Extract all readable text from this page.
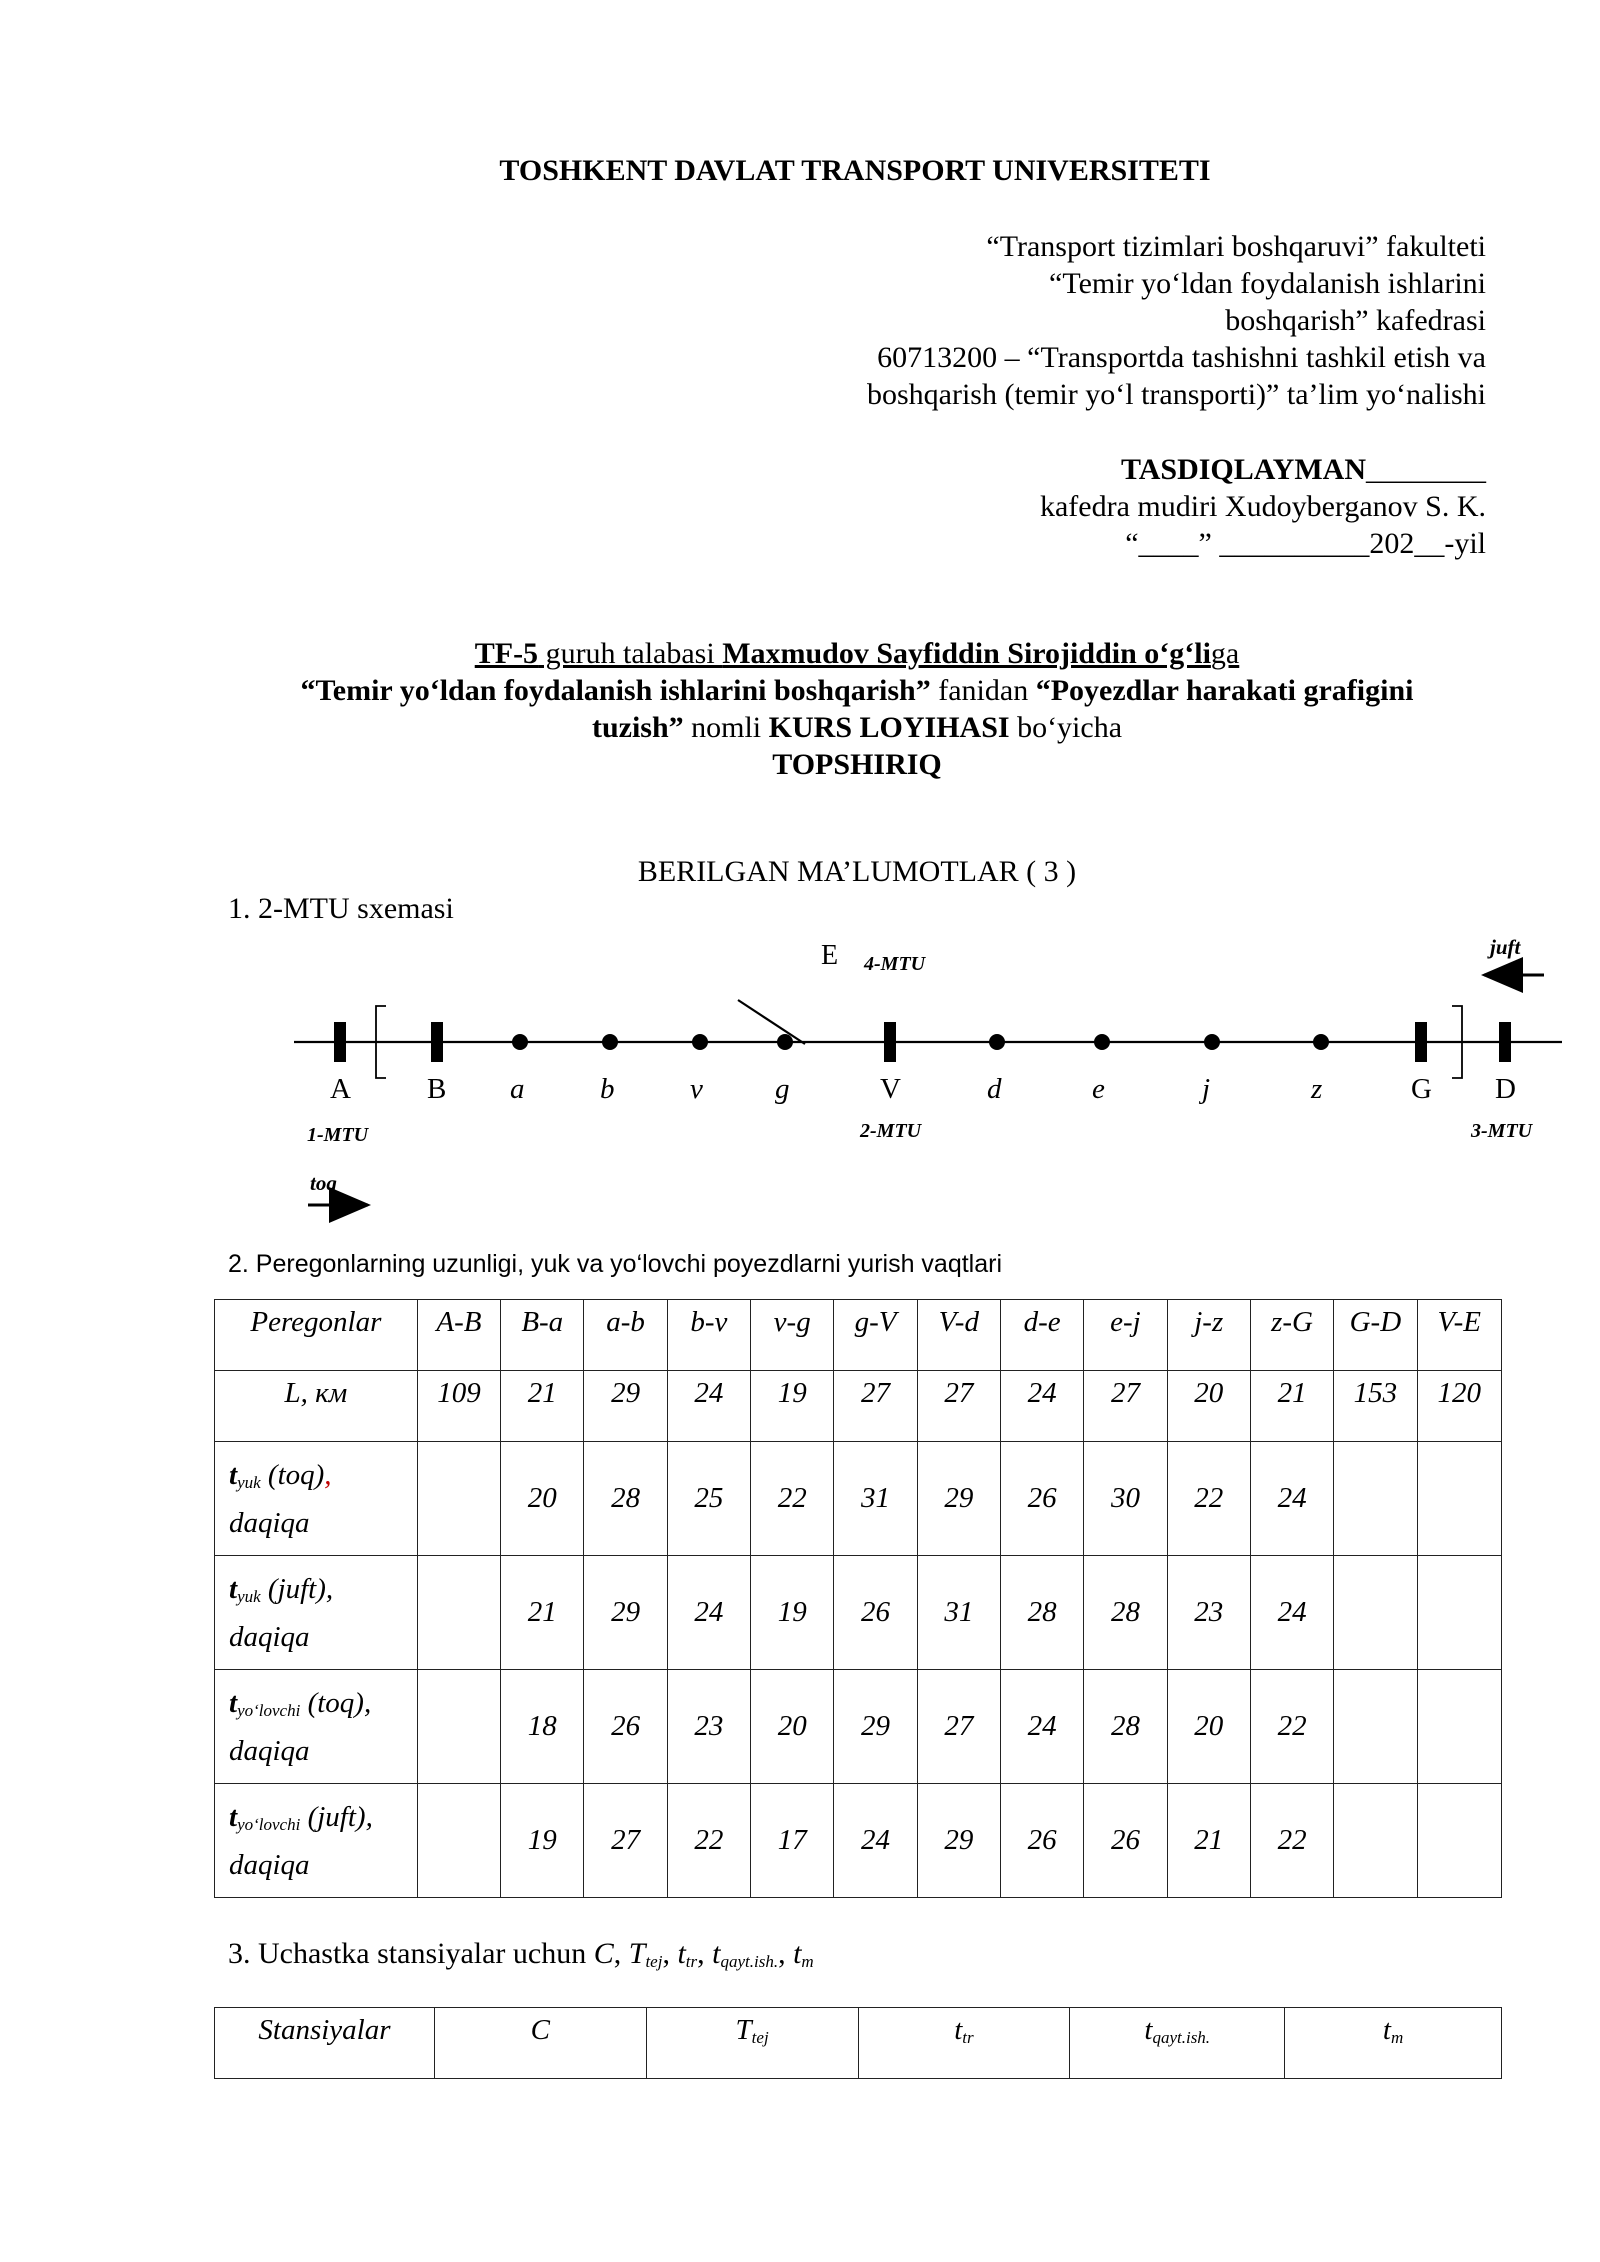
TOSHKENT DAVLAT TRANSPORT UNIVERSITETI
“Transport tizimlari boshqaruvi” fakulteti
“Temir yo‘ldan foydalanish ishlarini
boshqarish” kafedrasi
60713200 – “Transportda tashishni tashkil etish va
boshqarish (temir yo‘l transporti)” ta’lim yo‘nalishi
TASDIQLAYMAN________
kafedra mudiri Xudoyberganov S. K.
“____” __________202__-yil
TF-5 guruh talabasi Maxmudov Sayfiddin Sirojiddin o‘g‘liga
“Temir yo‘ldan foydalanish ishlarini boshqarish” fanidan “Poyezdlar harakati grafigini
tuzish” nomli KURS LOYIHASI bo‘yicha
TOPSHIRIQ
BERILGAN MA’LUMOTLAR ( 3 )
1. 2-MTU sxemasi
A	B a	b	v g	V	d	e	j	z	G D
E 4-MTU
1-MTU	2-MTU	3-MTU
toq
juft
2. Peregonlarning uzunligi, yuk va yo‘lovchi poyezdlarni yurish vaqtlari
Peregonlar	A-B	B-a	a-b	b-v	v-g	g-V	V-d	d-e	e-j	j-z	z-G	G-D	V-E
L, км	109	21	29	24	19	27	27	24	27	20	21	153	120
$t_{yuk}$ (toq),
daqiqa		20	28	25	22	31	29	26	30	22	24		
$t_{yuk}$ (juft),
daqiqa		21	29	24	19	26	31	28	28	23	24		
$t_{yo‘lovchi}$ (toq),
daqiqa		18	26	23	20	29	27	24	28	20	22		
$t_{yo‘lovchi}$ (juft),
daqiqa		19	27	22	17	24	29	26	26	21	22		
3. Uchastka stansiyalar uchun C, $T_{tej}$, $t_{tr}$, $t_{qayt.ish.}$, $t_m$
Stansiyalar	C	$T_{tej}$	$t_{tr}$	$t_{qayt.ish.}$	$t_m$
